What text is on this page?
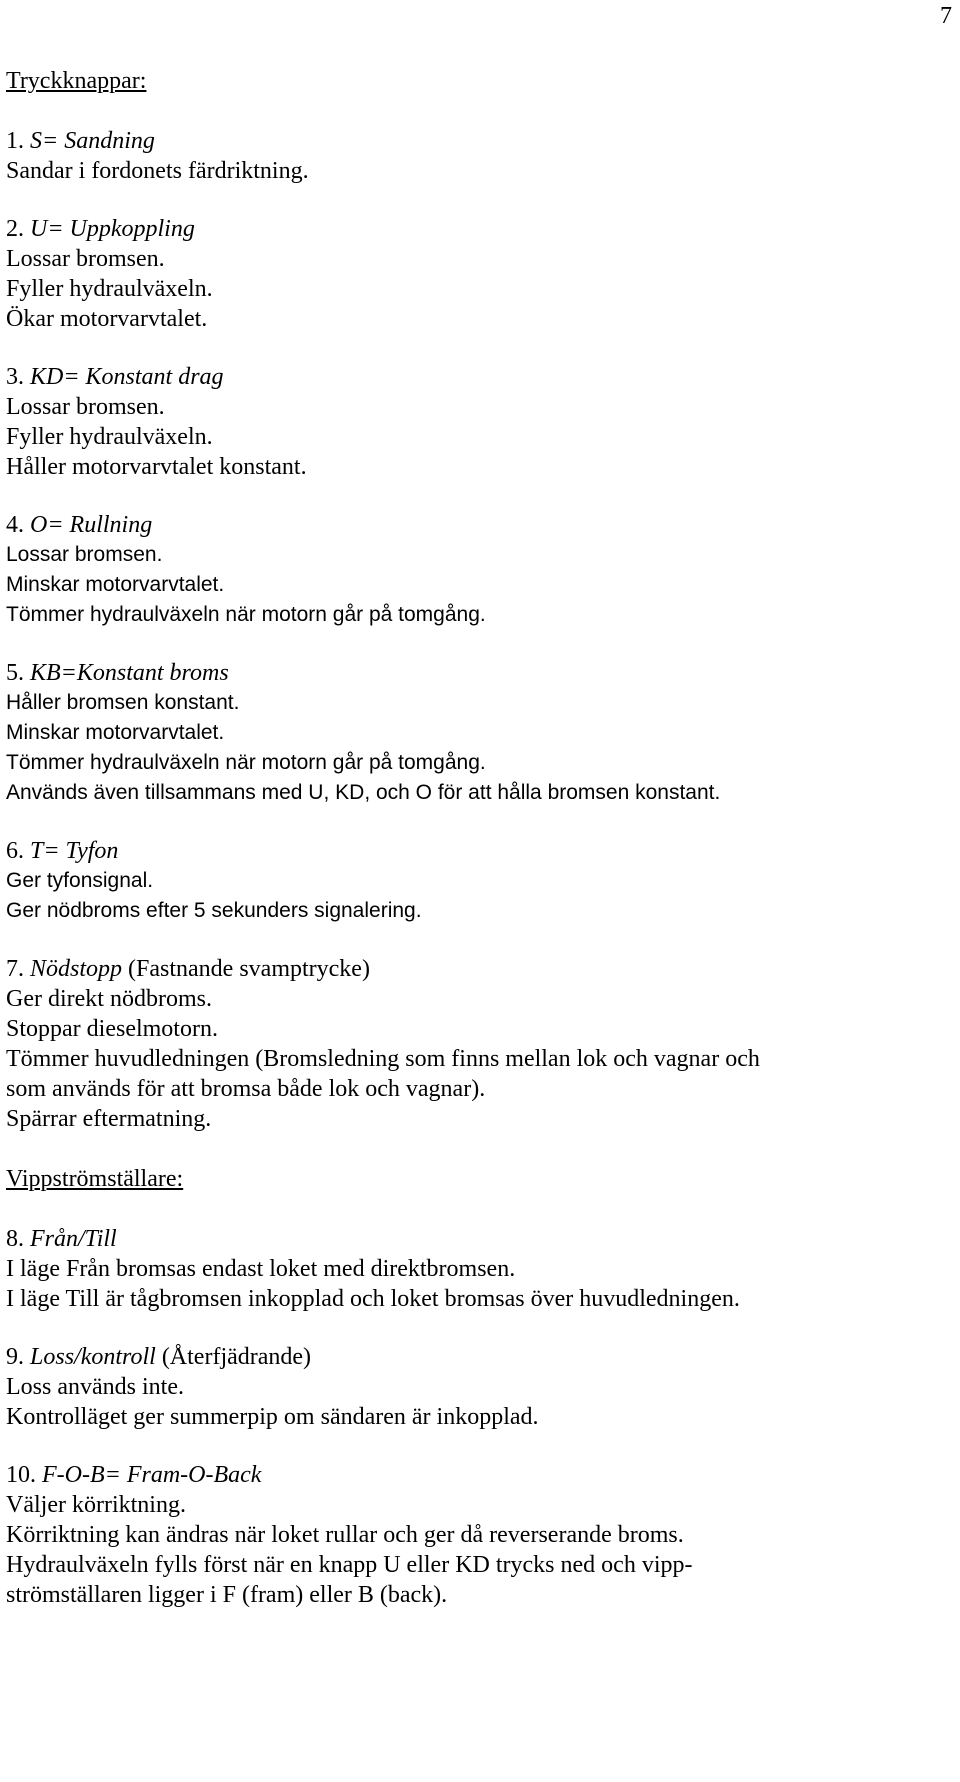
7
Tryckknappar:
1. S= Sandning
Sandar i fordonets färdriktning.
2. U= Uppkoppling
Lossar bromsen.
Fyller hydraulväxeln.
Ökar motorvarvtalet.
3. KD= Konstant drag
Lossar bromsen.
Fyller hydraulväxeln.
Håller motorvarvtalet konstant.
4. O= Rullning
Lossar bromsen.
Minskar motorvarvtalet.
Tömmer hydraulväxeln när motorn går på tomgång.
5. KB=Konstant broms
Håller bromsen konstant.
Minskar motorvarvtalet.
Tömmer hydraulväxeln när motorn går på tomgång.
Används även tillsammans med U, KD, och O för att hålla bromsen konstant.
6. T= Tyfon
Ger tyfonsignal.
Ger nödbroms efter 5 sekunders signalering.
7. Nödstopp (Fastnande svamptrycke)
Ger direkt nödbroms.
Stoppar dieselmotorn.
Tömmer huvudledningen (Bromsledning som finns mellan lok och vagnar och
som används för att bromsa både lok och vagnar).
Spärrar eftermatning.
Vippströmställare:
8. Från/Till
I läge Från bromsas endast loket med direktbromsen.
I läge Till är tågbromsen inkopplad och loket bromsas över huvudledningen.
9. Loss/kontroll (Återfjädrande)
Loss används inte.
Kontrolläget ger summerpip om sändaren är inkopplad.
10. F-O-B= Fram-O-Back
Väljer körriktning.
Körriktning kan ändras när loket rullar och ger då reverserande broms.
Hydraulväxeln fylls först när en knapp U eller KD trycks ned och vipp-
strömställaren ligger i F (fram) eller B (back).
